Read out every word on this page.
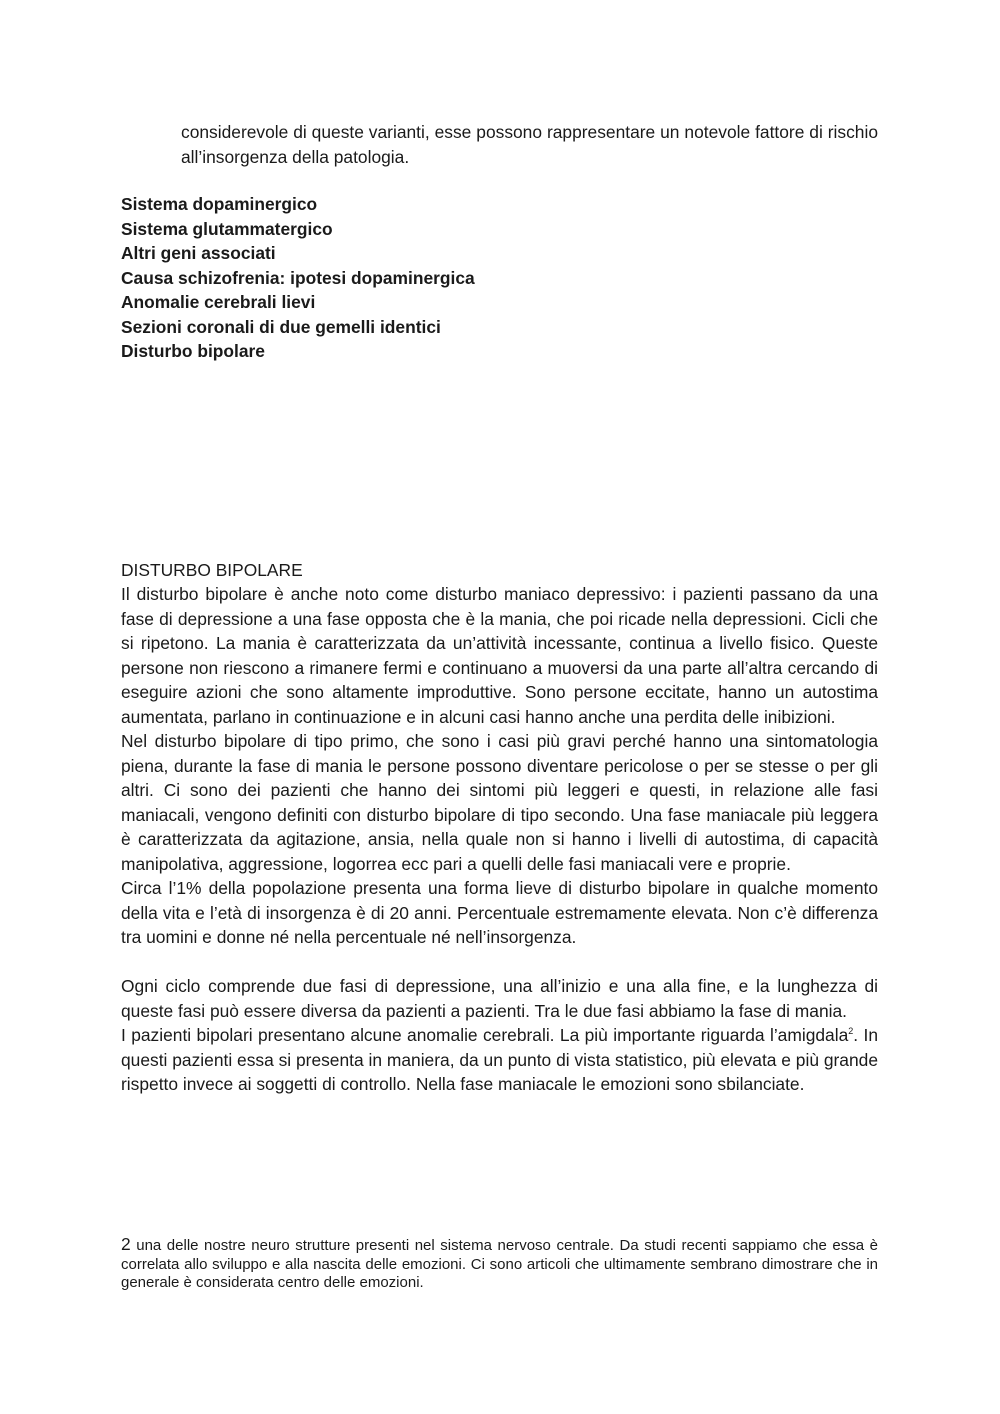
considerevole di queste varianti, esse possono rappresentare un notevole fattore di rischio all’insorgenza della patologia.

Sistema dopaminergico
Sistema glutammatergico
Altri geni associati
Causa schizofrenia: ipotesi dopaminergica
Anomalie cerebrali lievi
Sezioni coronali di due gemelli identici
Disturbo bipolare

DISTURBO BIPOLARE

Il disturbo bipolare è anche noto come disturbo maniaco depressivo: i pazienti passano da una fase di depressione a una fase opposta che è la mania, che poi ricade nella depressioni. Cicli che si ripetono. La mania è caratterizzata da un’attività incessante, continua a livello fisico. Queste persone non riescono a rimanere fermi e continuano a muoversi da una parte all’altra cercando di eseguire azioni che sono altamente improduttive. Sono persone eccitate, hanno un autostima aumentata, parlano in continuazione e in alcuni casi hanno anche una perdita delle inibizioni.

Nel disturbo bipolare di tipo primo, che sono i casi più gravi perché hanno una sintomatologia piena, durante la fase di mania le persone possono diventare pericolose o per se stesse o per gli altri. Ci sono dei pazienti che hanno dei sintomi più leggeri e questi, in relazione alle fasi maniacali, vengono definiti con disturbo bipolare di tipo secondo. Una fase maniacale più leggera è caratterizzata da agitazione, ansia, nella quale non si hanno i livelli di autostima, di capacità manipolativa, aggressione, logorrea ecc pari a quelli delle fasi maniacali vere e proprie.

Circa l’1% della popolazione presenta una forma lieve di disturbo bipolare in qualche momento della vita e l’età di insorgenza è di 20 anni. Percentuale estremamente elevata. Non c’è differenza tra uomini e donne né nella percentuale né nell’insorgenza.

Ogni ciclo comprende due fasi di depressione, una all’inizio e una alla fine, e la lunghezza di queste fasi può essere diversa da pazienti a pazienti. Tra le due fasi abbiamo la fase di mania.

I pazienti bipolari presentano alcune anomalie cerebrali. La più importante riguarda l’amigdala$^2$. In questi pazienti essa si presenta in maniera, da un punto di vista statistico, più elevata e più grande rispetto invece ai soggetti di controllo. Nella fase maniacale le emozioni sono sbilanciate.

2 una delle nostre neuro strutture presenti nel sistema nervoso centrale. Da studi recenti sappiamo che essa è correlata allo sviluppo e alla nascita delle emozioni. Ci sono articoli che ultimamente sembrano dimostrare che in generale è considerata centro delle emozioni.
